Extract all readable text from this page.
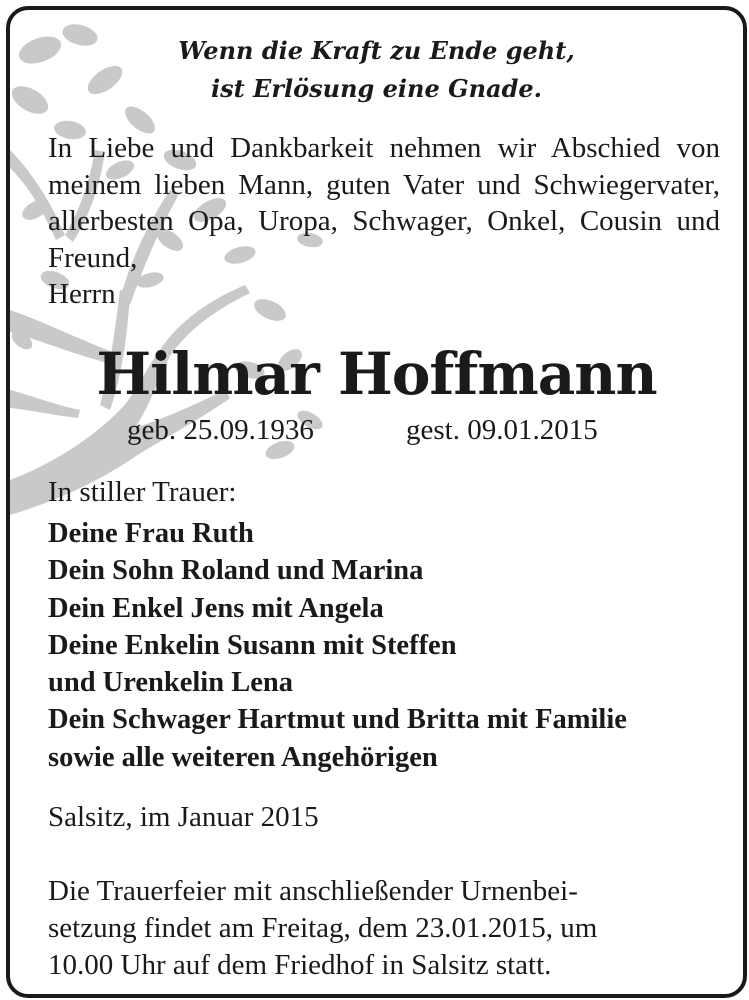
Wenn die Kraft zu Ende geht,
ist Erlösung eine Gnade.
In Liebe und Dankbarkeit nehmen wir Abschied von meinem lieben Mann, guten Vater und Schwiegervater, allerbesten Opa, Uropa, Schwager, Onkel, Cousin und Freund,
Herrn
Hilmar Hoffmann
geb. 25.09.1936	gest. 09.01.2015
In stiller Trauer:
Deine Frau Ruth
Dein Sohn Roland und Marina
Dein Enkel Jens mit Angela
Deine Enkelin Susann mit Steffen
und Urenkelin Lena
Dein Schwager Hartmut und Britta mit Familie
sowie alle weiteren Angehörigen
Salsitz, im Januar 2015
Die Trauerfeier mit anschließender Urnenbei-
setzung findet am Freitag, dem 23.01.2015, um
10.00 Uhr auf dem Friedhof in Salsitz statt.
